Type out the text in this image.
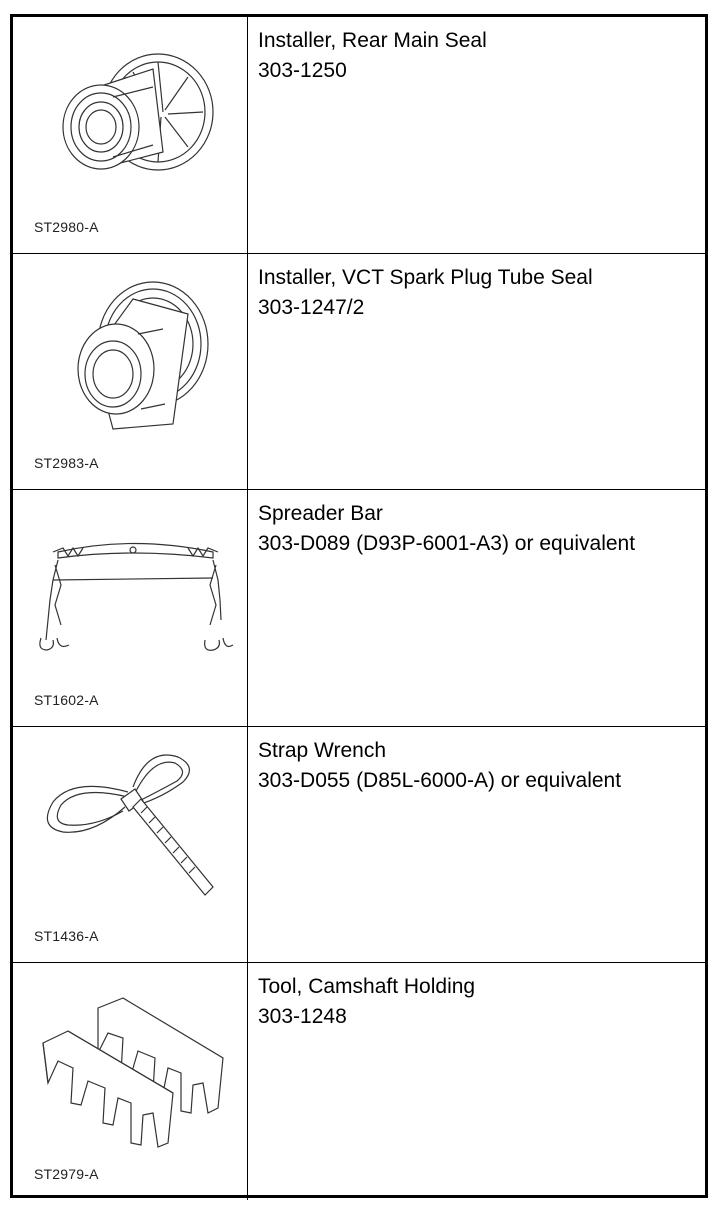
ST2980-A
Installer, Rear Main Seal
303-1250
ST2983-A
Installer, VCT Spark Plug Tube Seal
303-1247/2
ST1602-A
Spreader Bar
303-D089 (D93P-6001-A3) or equivalent
ST1436-A
Strap Wrench
303-D055 (D85L-6000-A) or equivalent
ST2979-A
Tool, Camshaft Holding
303-1248
